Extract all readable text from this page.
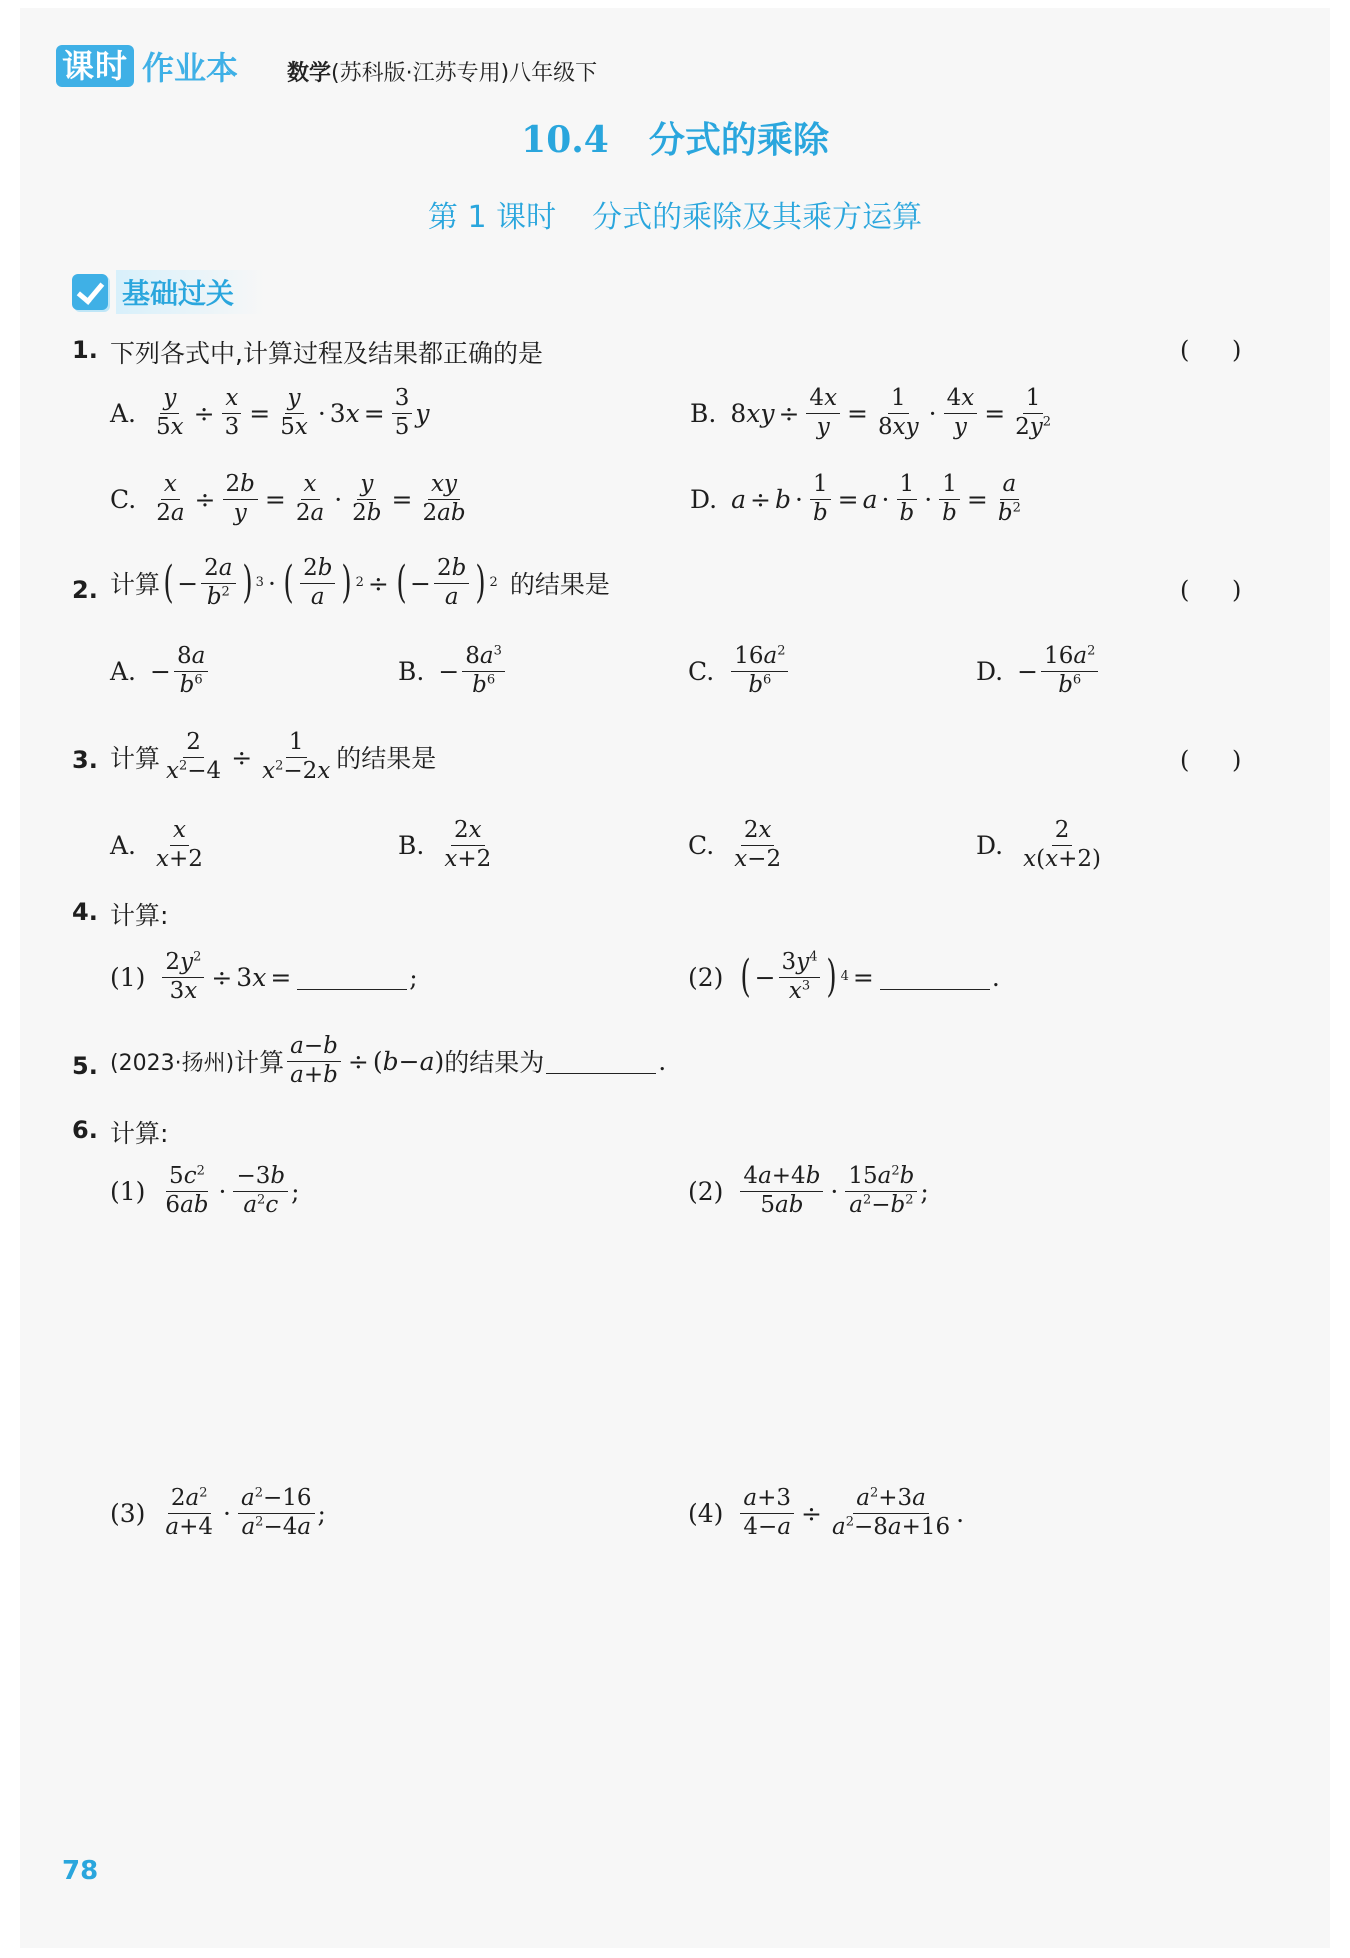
课时 作业本 数学(苏科版·江苏专用)八年级下
10.4 分式的乘除
第 1 课时 分式的乘除及其乘方运算
基础过关
1. 下列各式中,计算过程及结果都正确的是	( )
A. $\frac{y}{5x} \div \frac{x}{3} = \frac{y}{5x} \cdot 3$ $x = \frac{3}{5}$ y	B. 8 xy ÷ $\frac{4x}{y} = \frac{1}{8xy} \cdot \frac{4x}{y} = \frac{1}{2y^2}$
C. $\frac{x}{2a} \div \frac{2b}{y} = \frac{x}{2a} \cdot \frac{y}{2b} = \frac{xy}{2ab}$	D. $a \div b \cdot \frac{1}{b} = a \cdot \frac{1}{b} \cdot \frac{1}{b} = \frac{a}{b^2}$
2. 计算 ( − $\frac{2a}{b^2}$ ) 3 · ( $\frac{2b}{a}$ ) 2 ÷ ( − $\frac{2b}{a}$ ) 2 的结果是	( )
A. − $\frac{8a}{b^6}$	B. − $\frac{8a^3}{b^6}$	C. $\frac{16a^2}{b^6}$	D. − $\frac{16a^2}{b^6}$
3. 计算 $\frac{2}{x^2-4} \div \frac{1}{x^2-2x}$ 的结果是	( )
A. $\frac{x}{x+2}$	B. $\frac{2x}{x+2}$	C. $\frac{2x}{x-2}$	D. $\frac{2}{x(x+2)}$
4. 计算:
$(1) \frac{2y^2}{3x} \div 3$ x =	;	(2) ( − $\frac{3y^4}{x^3}$ ) 4 =	.
5. (2023·扬州) 计算 $\frac{a-b}{a+b}$ ÷ ( b − a ) 的结果为	.
6. 计算:
$(1) \frac{5c^2}{6ab} \cdot \frac{-3b}{a^2c}$ ;	$(2) \frac{4a+4b}{5ab} \cdot \frac{15a^2b}{a^2-b^2}$ ;
$(3) \frac{2a^2}{a+4} \cdot \frac{a^2-16}{a^2-4a}$ ;	$(4) \frac{a+3}{4-a} \div \frac{a^2+3a}{a^2-8a+16}$ .
78
